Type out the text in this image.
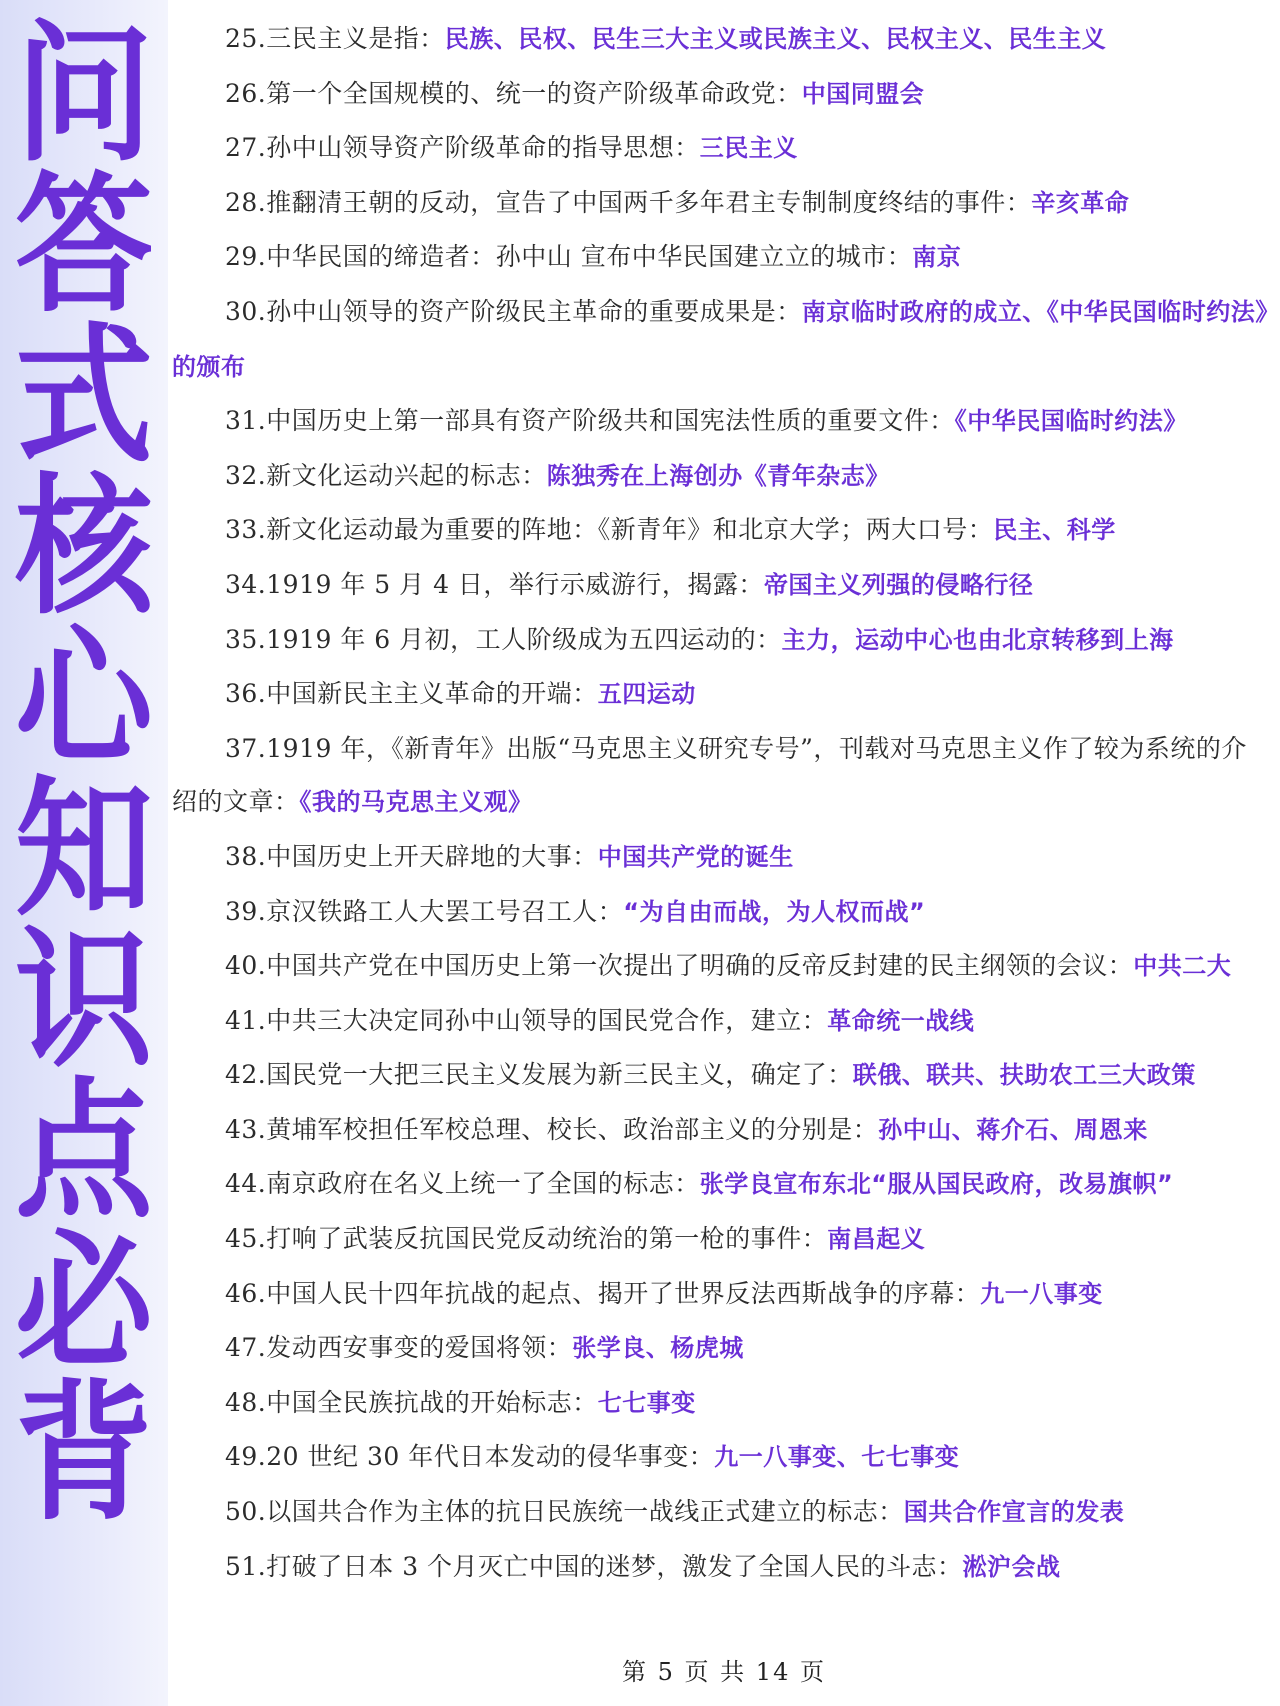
问
答
式
核
心
知
识
点
必
背
25.三民主义是指：民族、民权、民生三大主义或民族主义、民权主义、民生主义
26.第一个全国规模的、统一的资产阶级革命政党：中国同盟会
27.孙中山领导资产阶级革命的指导思想：三民主义
28.推翻清王朝的反动，宣告了中国两千多年君主专制制度终结的事件：辛亥革命
29.中华民国的缔造者：孙中山 宣布中华民国建立立的城市：南京
30.孙中山领导的资产阶级民主革命的重要成果是：南京临时政府的成立、《中华民国临时约法》的颁布
31.中国历史上第一部具有资产阶级共和国宪法性质的重要文件：《中华民国临时约法》
32.新文化运动兴起的标志：陈独秀在上海创办《青年杂志》
33.新文化运动最为重要的阵地：《新青年》和北京大学；两大口号：民主、科学
34.1919 年 5 月 4 日，举行示威游行，揭露：帝国主义列强的侵略行径
35.1919 年 6 月初，工人阶级成为五四运动的：主力，运动中心也由北京转移到上海
36.中国新民主主义革命的开端：五四运动
37.1919 年，《新青年》出版“马克思主义研究专号”，刊载对马克思主义作了较为系统的介绍的文章：《我的马克思主义观》
38.中国历史上开天辟地的大事：中国共产党的诞生
39.京汉铁路工人大罢工号召工人：“为自由而战，为人权而战”
40.中国共产党在中国历史上第一次提出了明确的反帝反封建的民主纲领的会议：中共二大
41.中共三大决定同孙中山领导的国民党合作，建立：革命统一战线
42.国民党一大把三民主义发展为新三民主义，确定了：联俄、联共、扶助农工三大政策
43.黄埔军校担任军校总理、校长、政治部主义的分别是：孙中山、蒋介石、周恩来
44.南京政府在名义上统一了全国的标志：张学良宣布东北“服从国民政府，改易旗帜”
45.打响了武装反抗国民党反动统治的第一枪的事件：南昌起义
46.中国人民十四年抗战的起点、揭开了世界反法西斯战争的序幕：九一八事变
47.发动西安事变的爱国将领：张学良、杨虎城
48.中国全民族抗战的开始标志：七七事变
49.20 世纪 30 年代日本发动的侵华事变：九一八事变、七七事变
50.以国共合作为主体的抗日民族统一战线正式建立的标志：国共合作宣言的发表
51.打破了日本 3 个月灭亡中国的迷梦，激发了全国人民的斗志：淞沪会战
第 5 页 共 14 页
